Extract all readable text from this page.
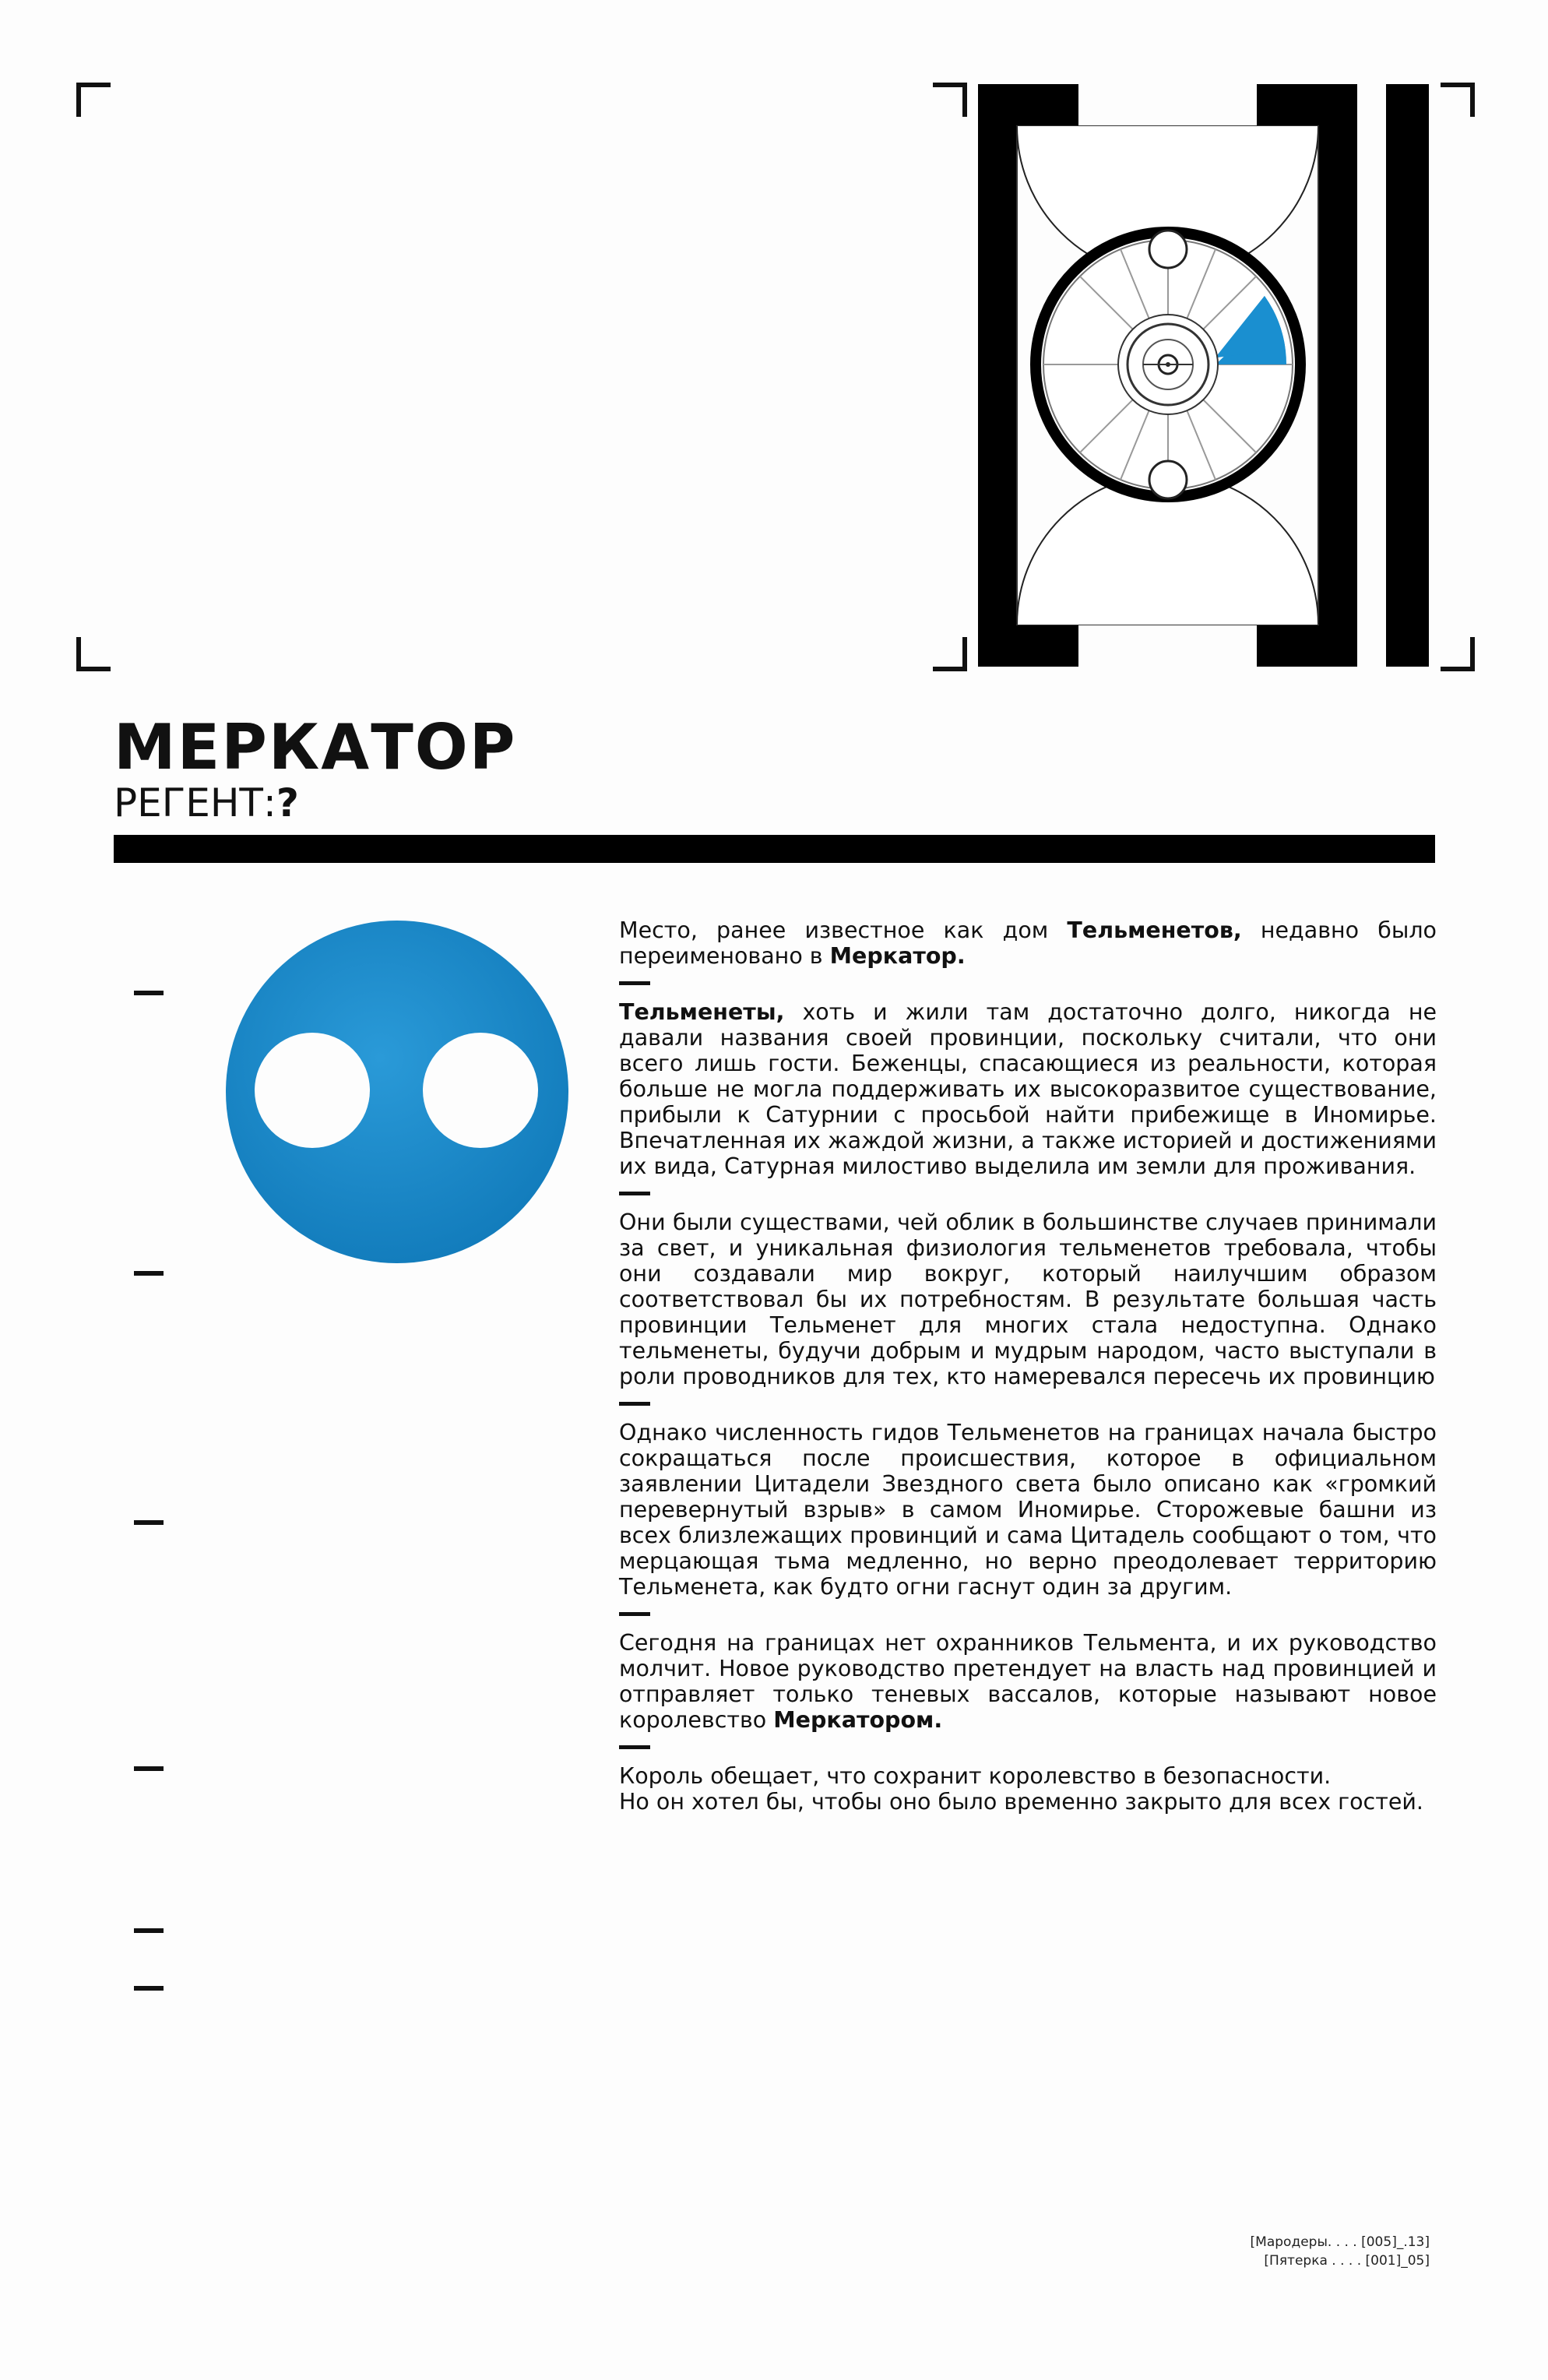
МЕРКАТОР
РЕГЕНТ:?

Место, ранее известное как дом Тельменетов, недавно было переименовано в Меркатор.

Тельменеты, хоть и жили там достаточно долго, никогда не давали названия своей провинции, поскольку считали, что они всего лишь гости. Беженцы, спасающиеся из реальности, которая больше не могла поддерживать их высокоразвитое существование, прибыли к Сатурнии с просьбой найти прибежище в Иномирье. Впечатленная их жаждой жизни, а также историей и достижениями их вида, Сатурная милостиво выделила им земли для проживания.

Они были существами, чей облик в большинстве случаев принимали за свет, и уникальная физиология тельменетов требовала, чтобы они создавали мир вокруг, который наилучшим образом соответствовал бы их потребностям. В результате большая часть провинции Тельменет для многих стала недоступна. Однако тельменеты, будучи добрым и мудрым народом, часто выступали в роли проводников для тех, кто намеревался пересечь их провинцию

Однако численность гидов Тельменетов на границах начала быстро сокращаться после происшествия, которое в официальном заявлении Цитадели Звездного света было описано как «громкий перевернутый взрыв» в самом Иномирье. Сторожевые башни из всех близлежащих провинций и сама Цитадель сообщают о том, что мерцающая тьма медленно, но верно преодолевает территорию Тельменета, как будто огни гаснут один за другим.

Сегодня на границах нет охранников Тельмента, и их руководство молчит. Новое руководство претендует на власть над провинцией и отправляет только теневых вассалов, которые называют новое королевство Меркатором.

Король обещает, что сохранит королевство в безопасности.
Но он хотел бы, чтобы оно было временно закрыто для всех гостей.

[Мародеры. . . . [005]_.13]
[Пятерка . . . . [001]_05]
